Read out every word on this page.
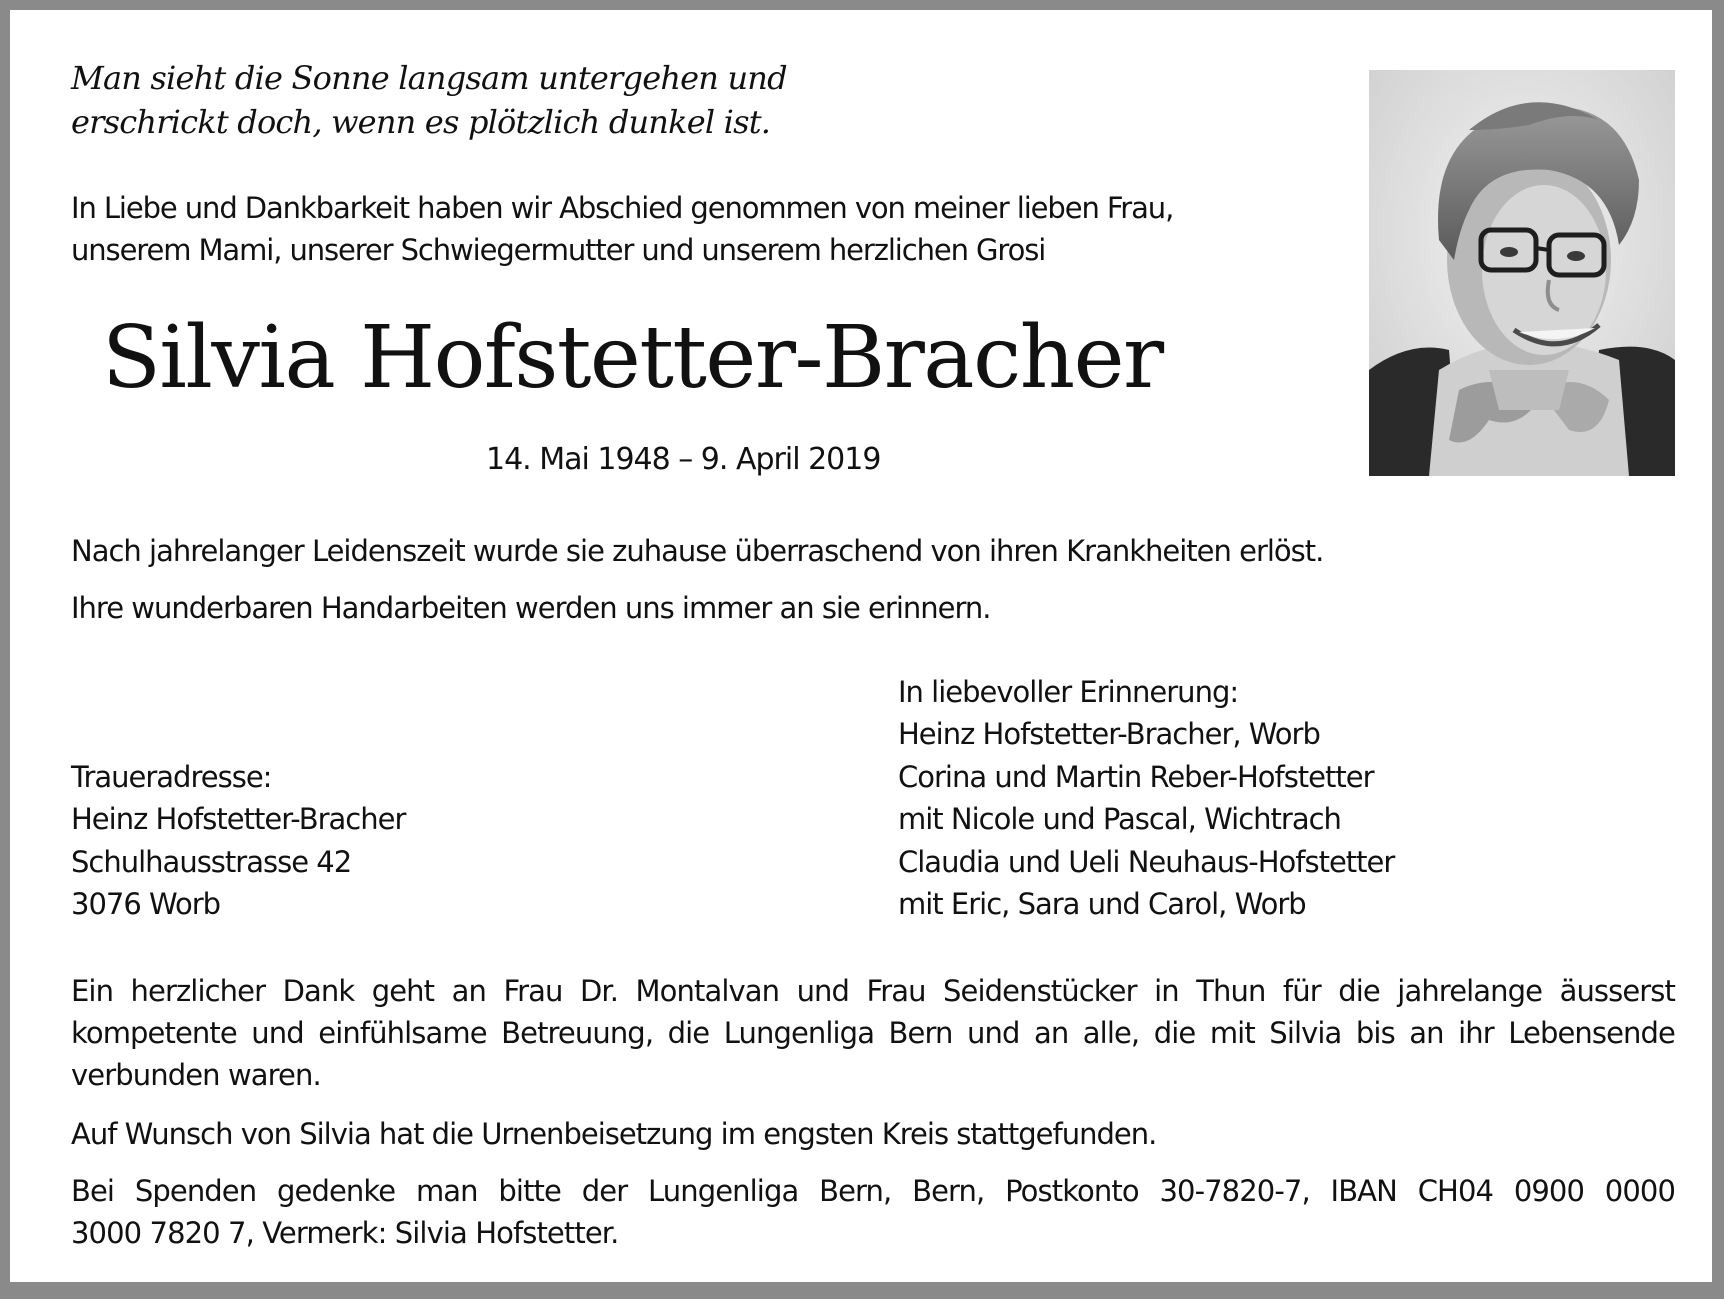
Man sieht die Sonne langsam untergehen und
erschrickt doch, wenn es plötzlich dunkel ist.
In Liebe und Dankbarkeit haben wir Abschied genommen von meiner lieben Frau,
unserem Mami, unserer Schwiegermutter und unserem herzlichen Grosi
Silvia Hofstetter-Bracher
14. Mai 1948 – 9. April 2019
Nach jahrelanger Leidenszeit wurde sie zuhause überraschend von ihren Krankheiten erlöst.
Ihre wunderbaren Handarbeiten werden uns immer an sie erinnern.
In liebevoller Erinnerung:
Heinz Hofstetter-Bracher, Worb
Corina und Martin Reber-Hofstetter
mit Nicole und Pascal, Wichtrach
Claudia und Ueli Neuhaus-Hofstetter
mit Eric, Sara und Carol, Worb
Traueradresse:
Heinz Hofstetter-Bracher
Schulhausstrasse 42
3076 Worb
Ein herzlicher Dank geht an Frau Dr. Montalvan und Frau Seidenstücker in Thun für die jahrelange äusserst
kompetente und einfühlsame Betreuung, die Lungenliga Bern und an alle, die mit Silvia bis an ihr Lebensende
verbunden waren.
Auf Wunsch von Silvia hat die Urnenbeisetzung im engsten Kreis stattgefunden.
Bei Spenden gedenke man bitte der Lungenliga Bern, Bern, Postkonto 30-7820-7, IBAN CH04 0900 0000
3000 7820 7, Vermerk: Silvia Hofstetter.
